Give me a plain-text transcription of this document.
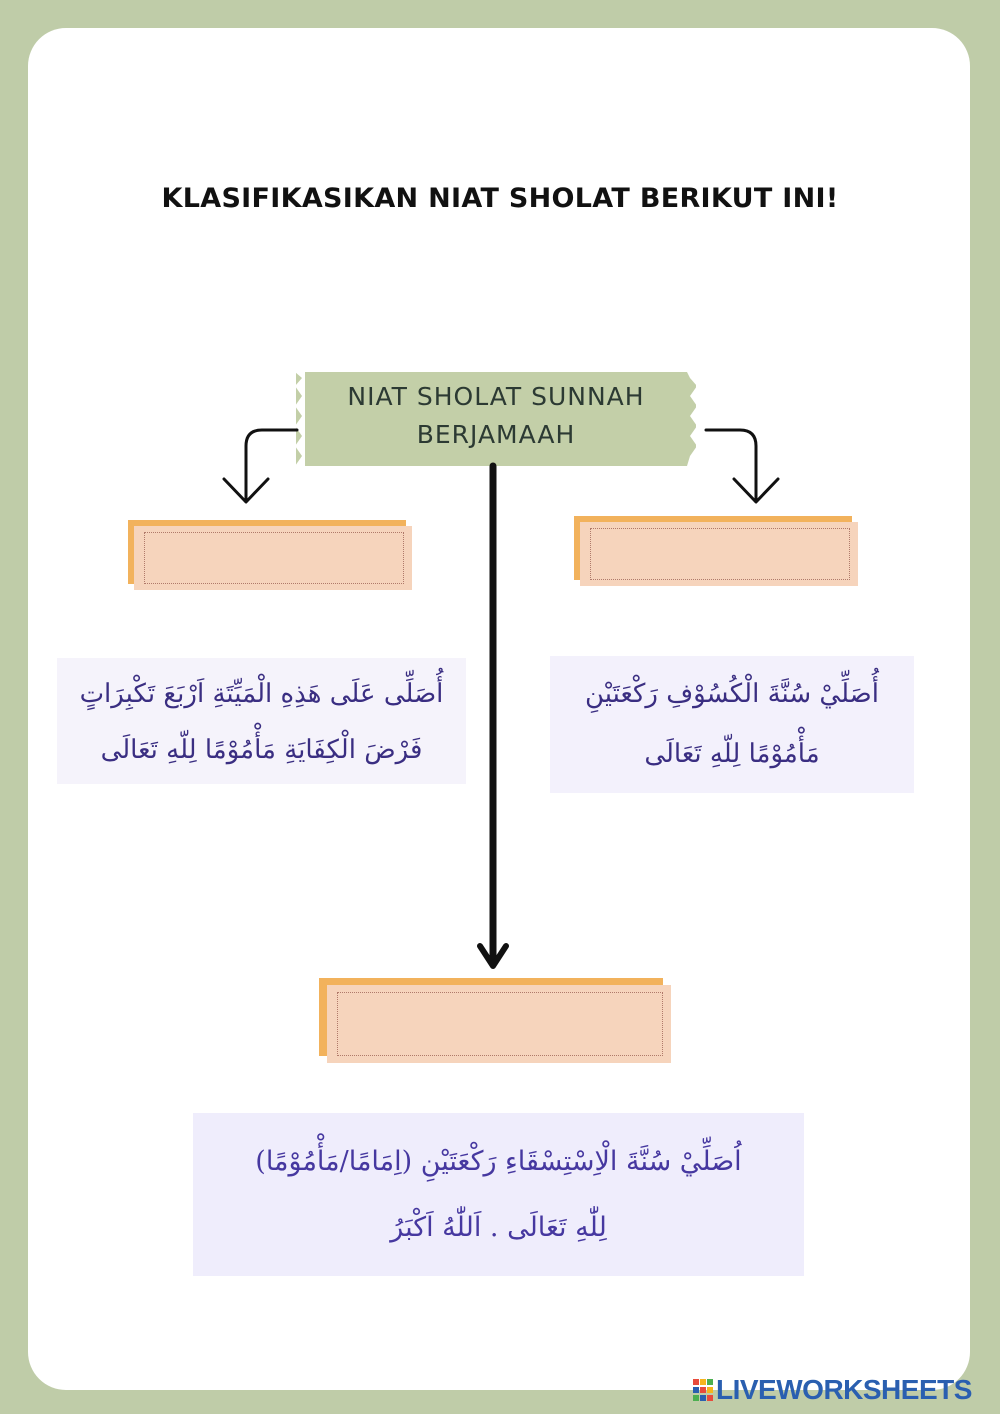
KLASIFIKASIKAN NIAT SHOLAT BERIKUT INI!
NIAT SHOLAT SUNNAH
BERJAMAAH
أُصَلِّى عَلَى هَذِهِ الْمَيِّتَةِ اَرْبَعَ تَكْبِرَاتٍ
فَرْضَ الْكِفَايَةِ مَأْمُوْمًا لِلّهِ تَعَالَى
أُصَلِّيْ سُنَّةَ الْكُسُوْفِ رَكْعَتَيْنِ
مَأْمُوْمًا لِلّهِ تَعَالَى
اُصَلِّيْ سُنَّةَ الْاِسْتِسْقَاءِ رَكْعَتَيْنِ (اِمَامًا/مَأْمُوْمًا)
لِلّٰهِ تَعَالَى . اَللّٰهُ اَكْبَرُ
LIVEWORKSHEETS
